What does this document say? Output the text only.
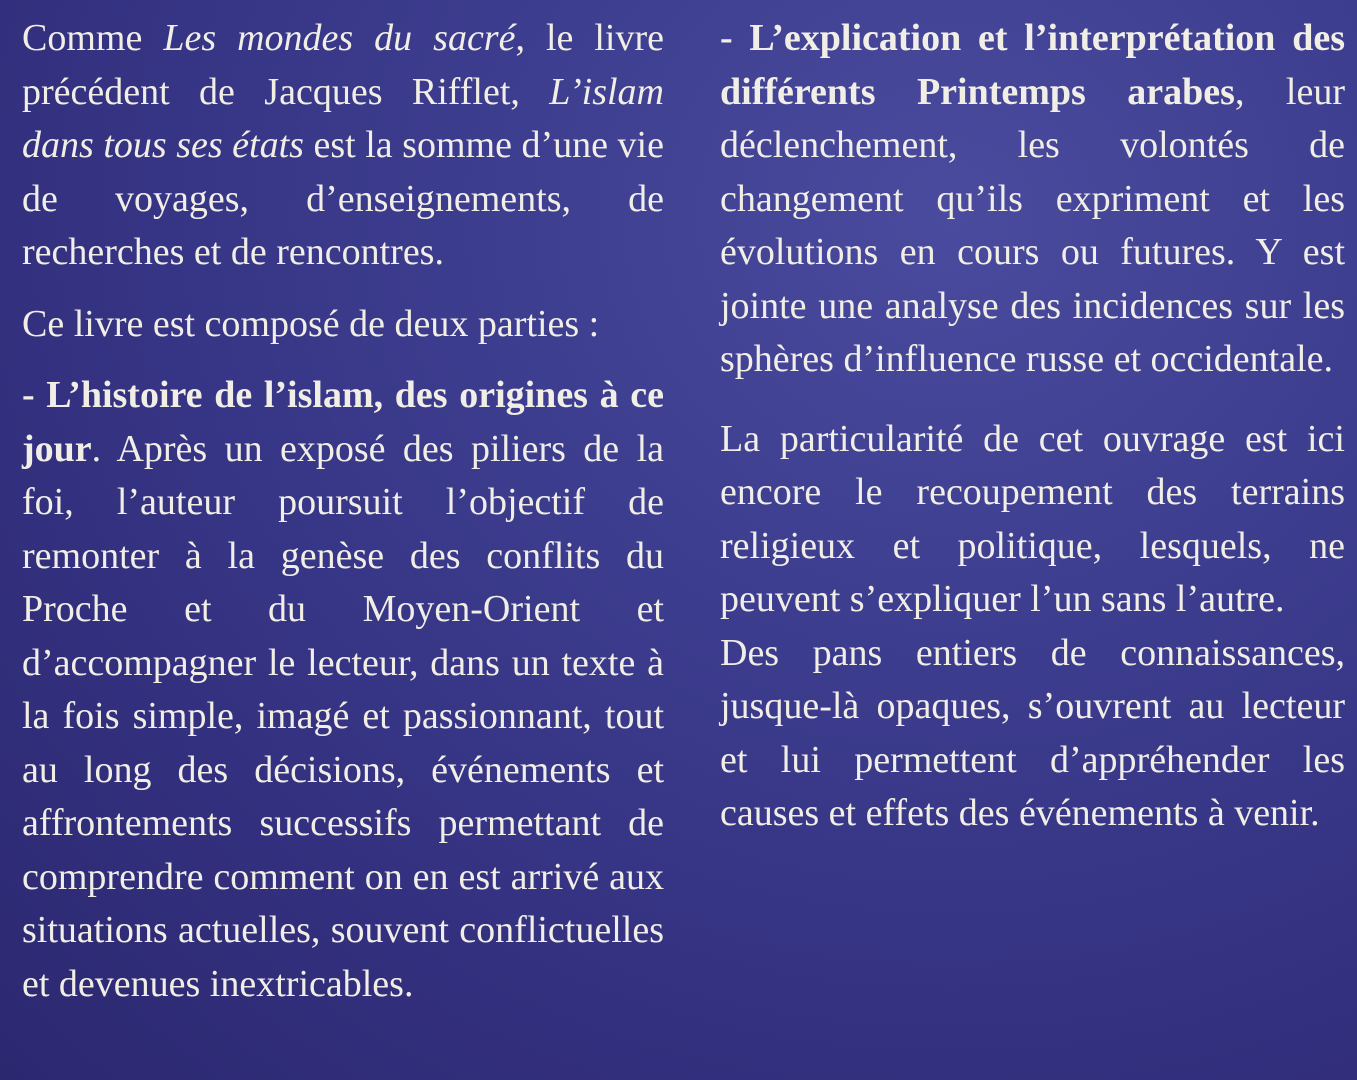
Comme Les mondes du sacré, le livre précédent de Jacques Rifflet, L’islam dans tous ses états est la somme d’une vie de voyages, d’enseignements, de recherches et de rencontres.

Ce livre est composé de deux parties :

- L’histoire de l’islam, des origines à ce jour. Après un exposé des piliers de la foi, l’auteur poursuit l’objectif de remonter à la genèse des conflits du Proche et du Moyen-Orient et d’accompagner le lecteur, dans un texte à la fois simple, imagé et passionnant, tout au long des décisions, événements et affrontements successifs permettant de comprendre comment on en est arrivé aux situations actuelles, souvent conflictuelles et devenues inextricables.

- L’explication et l’interprétation des différents Printemps arabes, leur déclenchement, les volontés de changement qu’ils expriment et les évolutions en cours ou futures. Y est jointe une analyse des incidences sur les sphères d’influence russe et occidentale.

La particularité de cet ouvrage est ici encore le recoupement des terrains religieux et politique, lesquels, ne peuvent s’expliquer l’un sans l’autre.

Des pans entiers de connaissances, jusque-là opaques, s’ouvrent au lecteur et lui permettent d’appréhender les causes et effets des événements à venir.
